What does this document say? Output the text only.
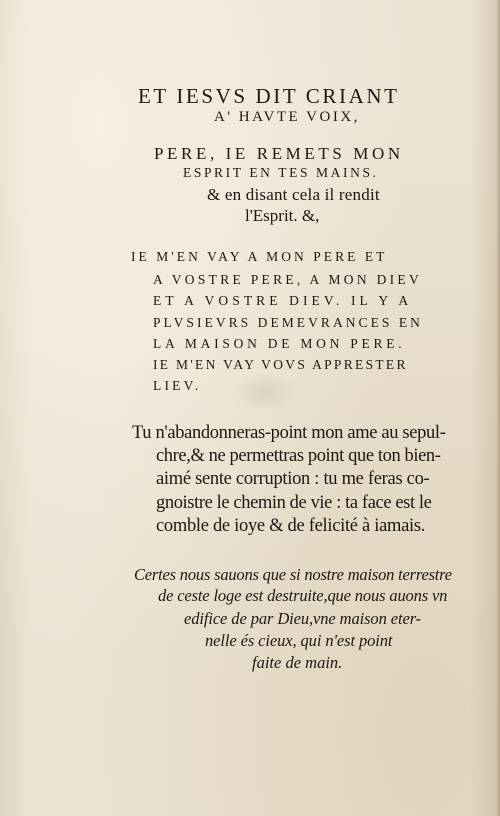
ET IESVS DIT CRIANT
A' HAVTE VOIX,
PERE, IE REMETS MON
ESPRIT EN TES MAINS.
& en disant cela il rendit
l'Esprit. &,
IE M'EN VAY A MON PERE ET
A VOSTRE PERE, A MON DIEV
ET A VOSTRE DIEV. IL Y A
PLVSIEVRS DEMEVRANCES EN
LA MAISON DE MON PERE.
IE M'EN VAY VOVS APPRESTER
LIEV.
Tu n'abandonneras-point mon ame au sepul-
chre,& ne permettras point que ton bien-
aimé sente corruption : tu me feras co-
gnoistre le chemin de vie : ta face est le
comble de ioye & de felicité à iamais.
Certes nous sauons que si nostre maison terrestre
de ceste loge est destruite,que nous auons vn
edifice de par Dieu,vne maison eter-
nelle és cieux, qui n'est point
faite de main.
